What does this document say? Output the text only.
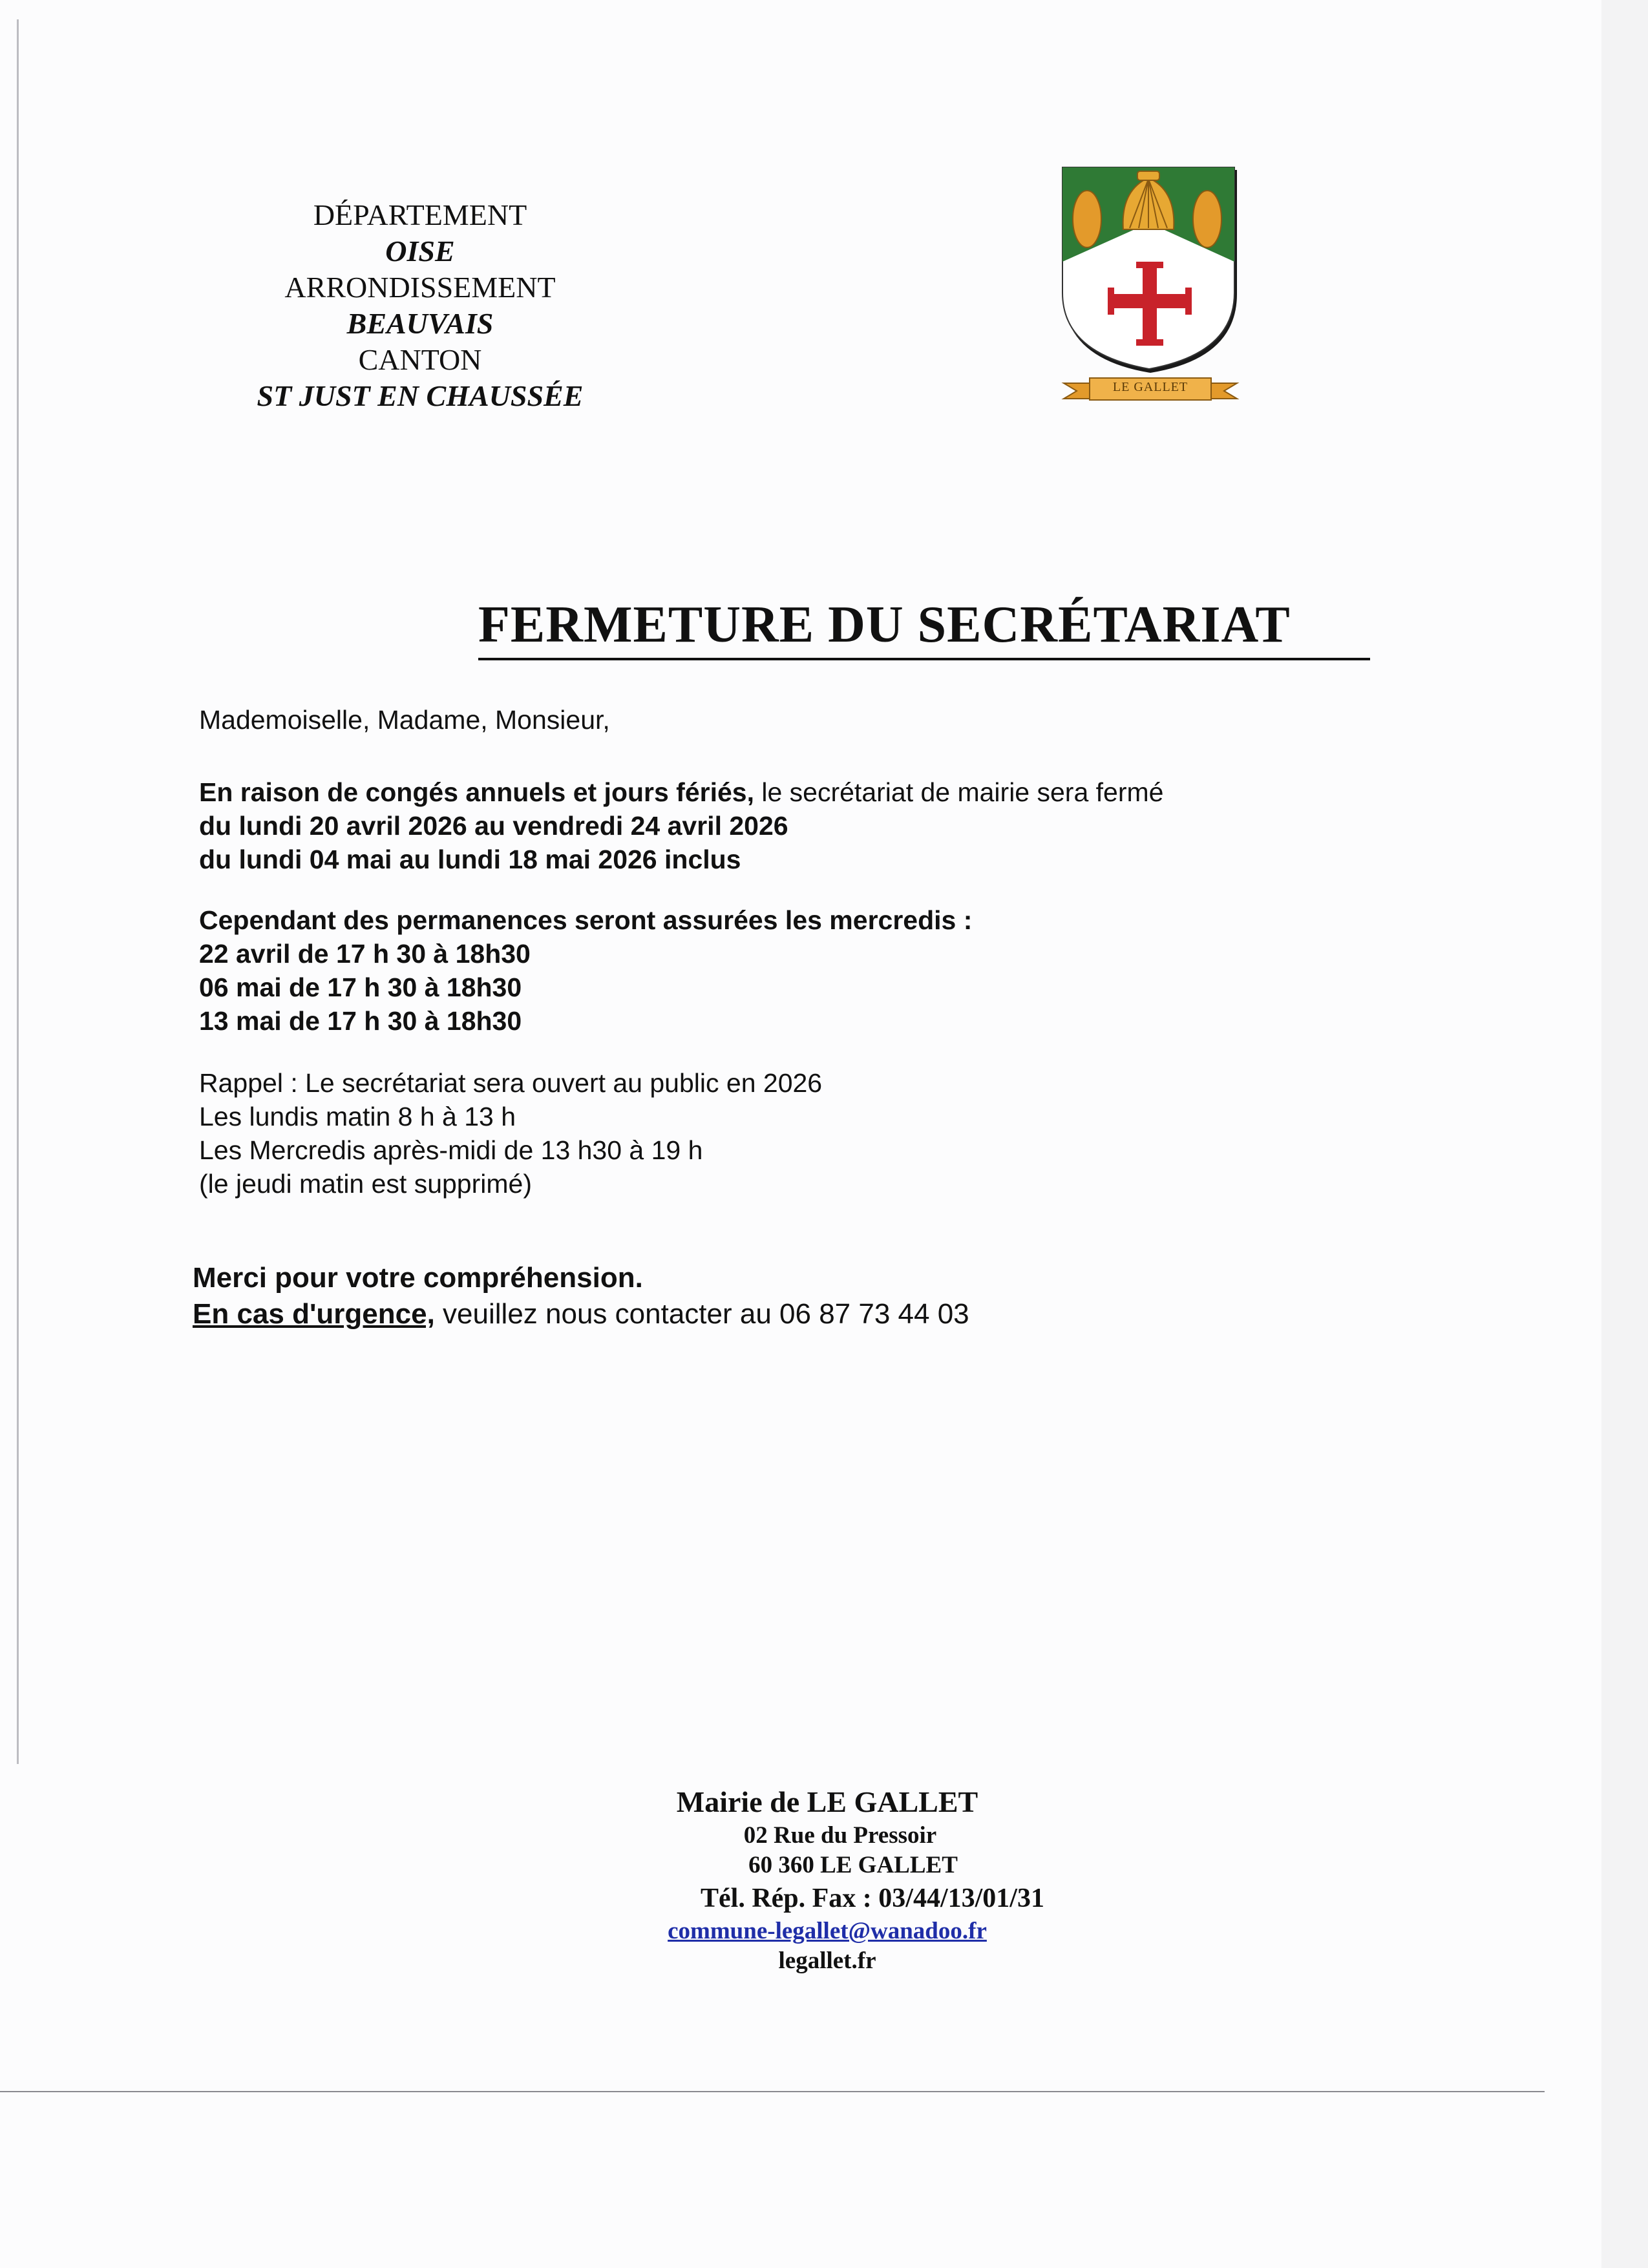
DÉPARTEMENT
OISE
ARRONDISSEMENT
BEAUVAIS
CANTON
ST JUST EN CHAUSSÉE	LE GALLET
FERMETURE DU SECRÉTARIAT
Mademoiselle, Madame, Monsieur,
En raison de congés annuels et jours fériés, le secrétariat de mairie sera fermé
du lundi 20 avril 2026 au vendredi 24 avril 2026
du lundi 04 mai au lundi 18 mai 2026 inclus
Cependant des permanences seront assurées les mercredis :
22 avril de 17 h 30 à 18h30
06 mai de 17 h 30 à 18h30
13 mai de 17 h 30 à 18h30
Rappel : Le secrétariat sera ouvert au public en 2026
Les lundis matin 8 h à 13 h
Les Mercredis après-midi de 13 h30 à 19 h
(le jeudi matin est supprimé)
Merci pour votre compréhension.
En cas d'urgence, veuillez nous contacter au 06 87 73 44 03
Mairie de LE GALLET
02 Rue du Pressoir
60 360 LE GALLET
Tél. Rép. Fax : 03/44/13/01/31
commune-legallet@wanadoo.fr
legallet.fr
